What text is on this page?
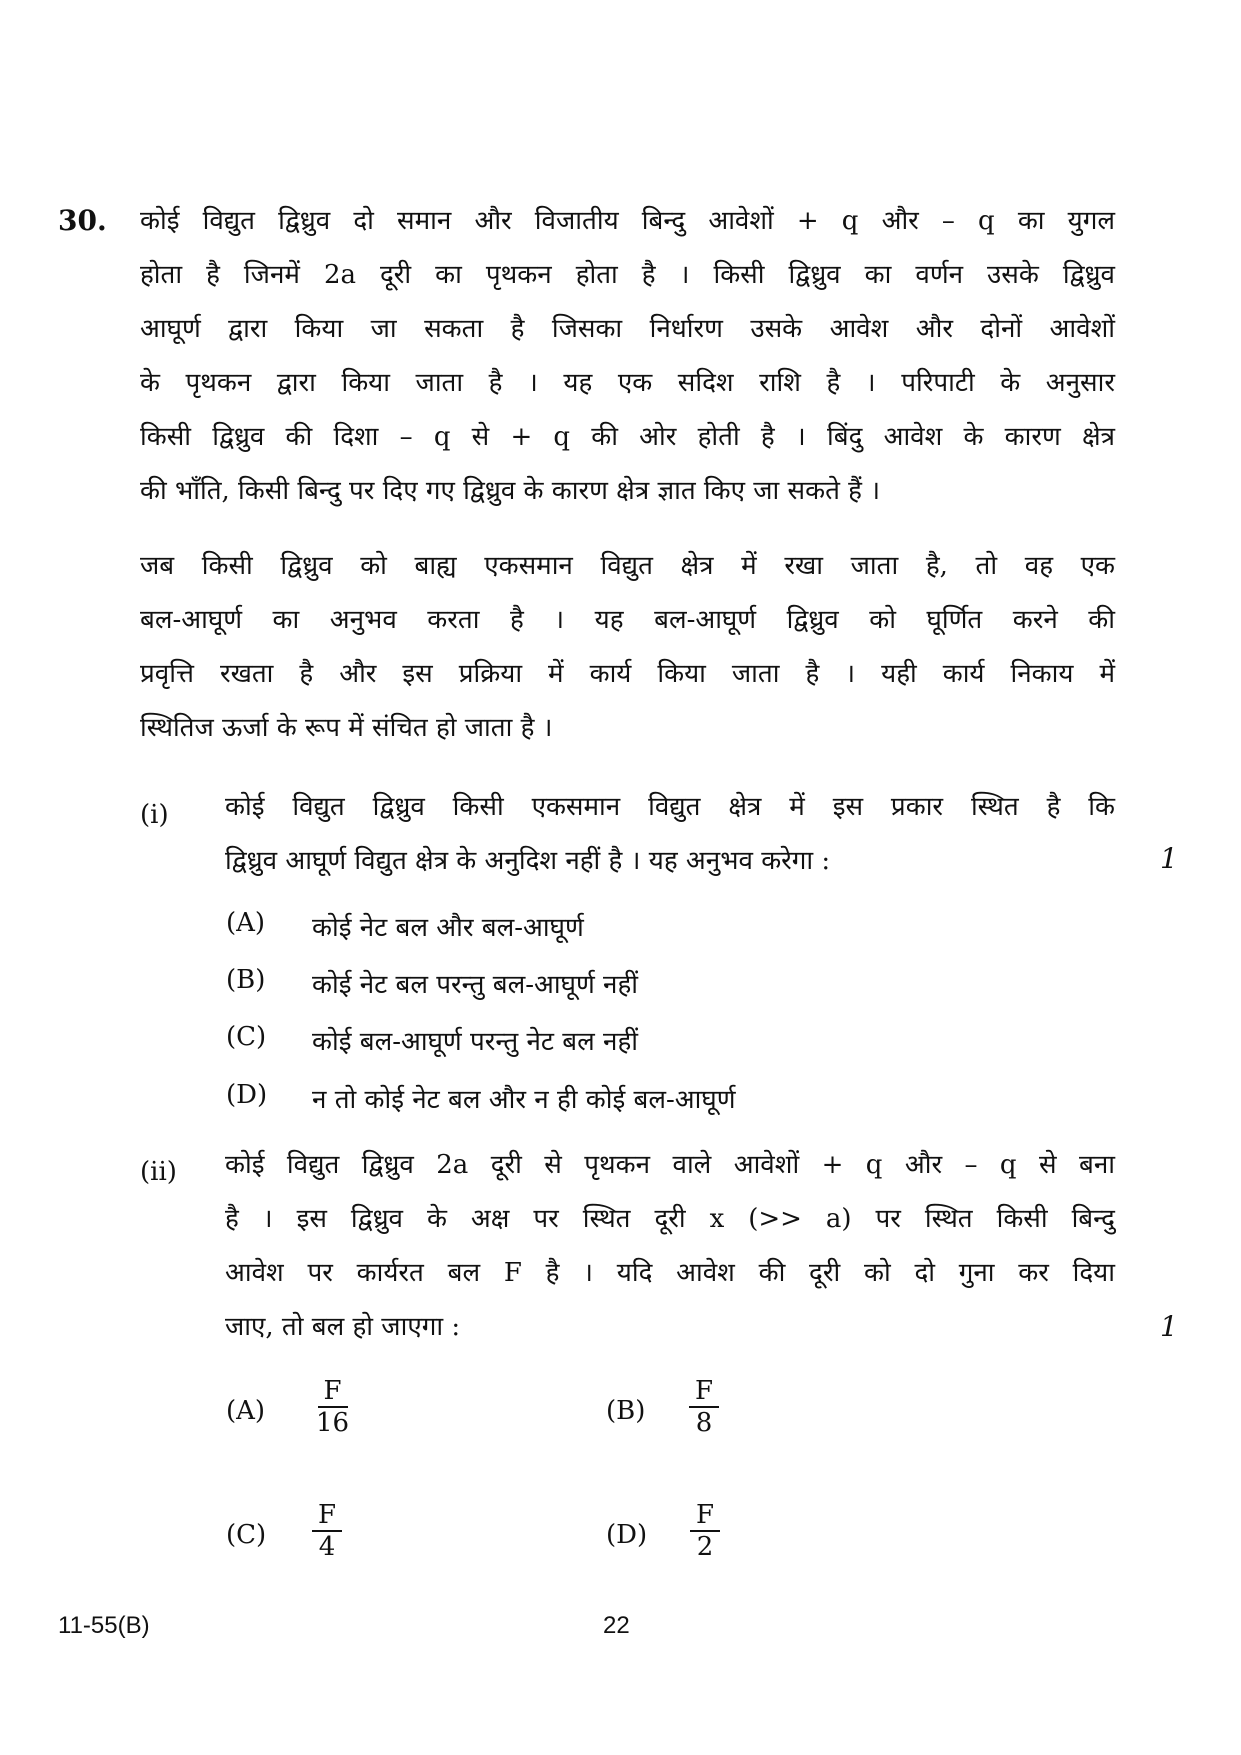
30. कोई विद्युत द्विध्रुव दो समान और विजातीय बिन्दु आवेशों + q और – q का युगल
होता है जिनमें 2a दूरी का पृथकन होता है । किसी द्विध्रुव का वर्णन उसके द्विध्रुव
आघूर्ण द्वारा किया जा सकता है जिसका निर्धारण उसके आवेश और दोनों आवेशों
के पृथकन द्वारा किया जाता है । यह एक सदिश राशि है । परिपाटी के अनुसार
किसी द्विध्रुव की दिशा – q से + q की ओर होती है । बिंदु आवेश के कारण क्षेत्र
की भाँति, किसी बिन्दु पर दिए गए द्विध्रुव के कारण क्षेत्र ज्ञात किए जा सकते हैं ।
जब किसी द्विध्रुव को बाह्य एकसमान विद्युत क्षेत्र में रखा जाता है, तो वह एक
बल-आघूर्ण का अनुभव करता है । यह बल-आघूर्ण द्विध्रुव को घूर्णित करने की
प्रवृत्ति रखता है और इस प्रक्रिया में कार्य किया जाता है । यही कार्य निकाय में
स्थितिज ऊर्जा के रूप में संचित हो जाता है ।
(i) कोई विद्युत द्विध्रुव किसी एकसमान विद्युत क्षेत्र में इस प्रकार स्थित है कि
द्विध्रुव आघूर्ण विद्युत क्षेत्र के अनुदिश नहीं है । यह अनुभव करेगा :	1
(A) कोई नेट बल और बल-आघूर्ण
(B) कोई नेट बल परन्तु बल-आघूर्ण नहीं
(C) कोई बल-आघूर्ण परन्तु नेट बल नहीं
(D) न तो कोई नेट बल और न ही कोई बल-आघूर्ण
(ii) कोई विद्युत द्विध्रुव 2a दूरी से पृथकन वाले आवेशों + q और – q से बना
है । इस द्विध्रुव के अक्ष पर स्थित दूरी x (>> a) पर स्थित किसी बिन्दु
आवेश पर कार्यरत बल F है । यदि आवेश की दूरी को दो गुना कर दिया
जाए, तो बल हो जाएगा :	1
$(A) \frac{F}{16}$	$(B) \frac{F}{8}$
$(C) \frac{F}{4}$	$(D) \frac{F}{2}$
11-55(B)	22
